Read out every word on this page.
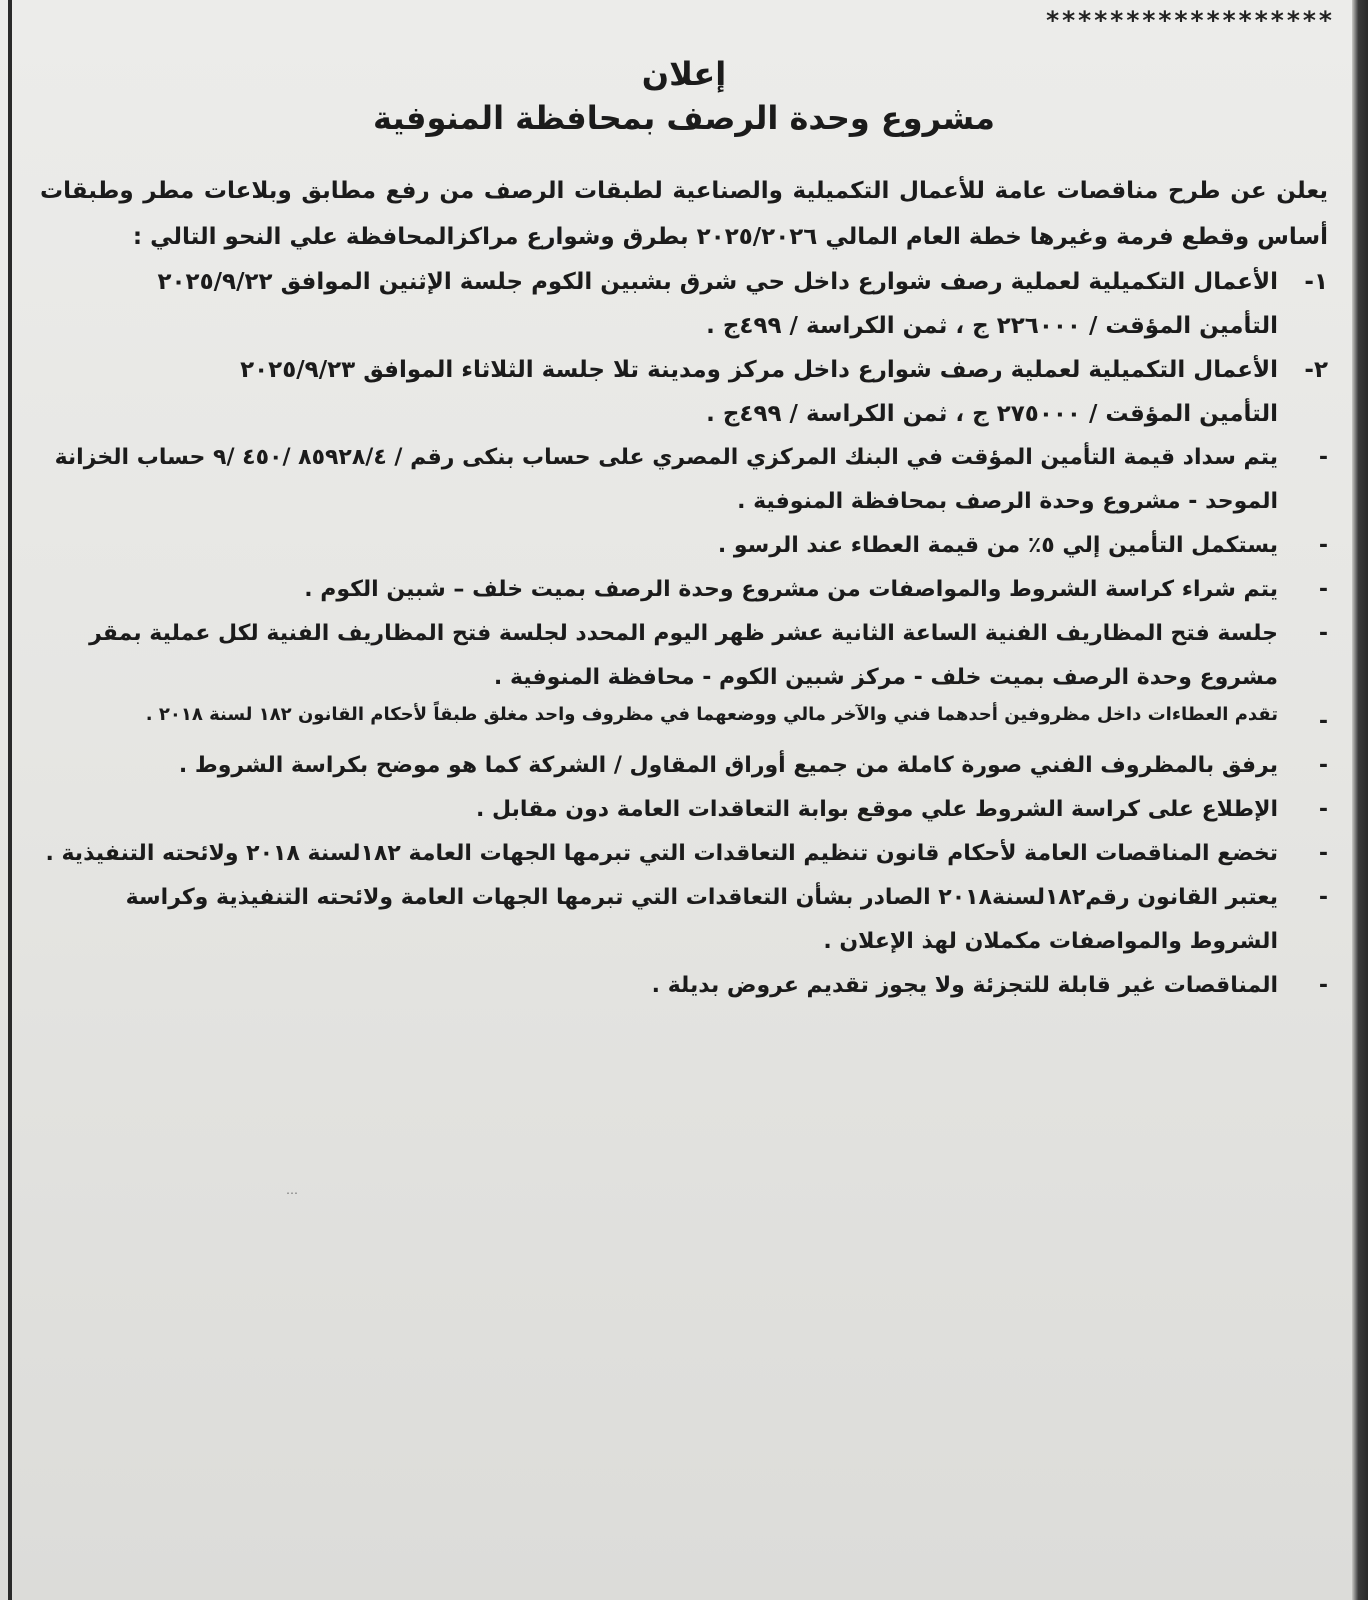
******************

إعلان

مشروع وحدة الرصف بمحافظة المنوفية

يعلن عن طرح مناقصات عامة للأعمال التكميلية والصناعية لطبقات الرصف من رفع مطابق وبلاعات مطر وطبقات أساس وقطع فرمة وغيرها خطة العام المالي ٢٠٢٥/٢٠٢٦ بطرق وشوارع مراكزالمحافظة علي النحو التالي :

١-
الأعمال التكميلية لعملية رصف شوارع داخل حي شرق بشبين الكوم جلسة الإثنين الموافق ٢٠٢٥/٩/٢٢
التأمين المؤقت / ٢٢٦٠٠٠ ج ، ثمن الكراسة / ٤٩٩ج .
٢-
الأعمال التكميلية لعملية رصف شوارع داخل مركز ومدينة تلا جلسة الثلاثاء الموافق ٢٠٢٥/٩/٢٣
التأمين المؤقت / ٢٧٥٠٠٠ ج ، ثمن الكراسة / ٤٩٩ج .
-
يتم سداد قيمة التأمين المؤقت في البنك المركزي المصري على حساب بنكى رقم / ٨٥٩٢٨/٤ /٤٥٠ /٩ حساب الخزانة الموحد - مشروع وحدة الرصف بمحافظة المنوفية .
-
يستكمل التأمين إلي ٥٪ من قيمة العطاء عند الرسو .
-
يتم شراء كراسة الشروط والمواصفات من مشروع وحدة الرصف بميت خلف – شبين الكوم .
-
جلسة فتح المظاريف الفنية الساعة الثانية عشر ظهر اليوم المحدد لجلسة فتح المظاريف الفنية لكل عملية بمقر مشروع وحدة الرصف بميت خلف - مركز شبين الكوم - محافظة المنوفية .
-
تقدم العطاءات داخل مظروفين أحدهما فني والآخر مالي ووضعهما في مظروف واحد مغلق طبقاً لأحكام القانون ١٨٢ لسنة ٢٠١٨ .
-
يرفق بالمظروف الفني صورة كاملة من جميع أوراق المقاول / الشركة كما هو موضح بكراسة الشروط .
-
الإطلاع على كراسة الشروط علي موقع بوابة التعاقدات العامة دون مقابل .
-
تخضع المناقصات العامة لأحكام قانون تنظيم التعاقدات التي تبرمها الجهات العامة ١٨٢لسنة ٢٠١٨ ولائحته التنفيذية .
-
يعتبر القانون رقم١٨٢لسنة٢٠١٨ الصادر بشأن التعاقدات التي تبرمها الجهات العامة ولائحته التنفيذية وكراسة الشروط والمواصفات مكملان لهذ الإعلان .
-
المناقصات غير قابلة للتجزئة ولا يجوز تقديم عروض بديلة .
…
